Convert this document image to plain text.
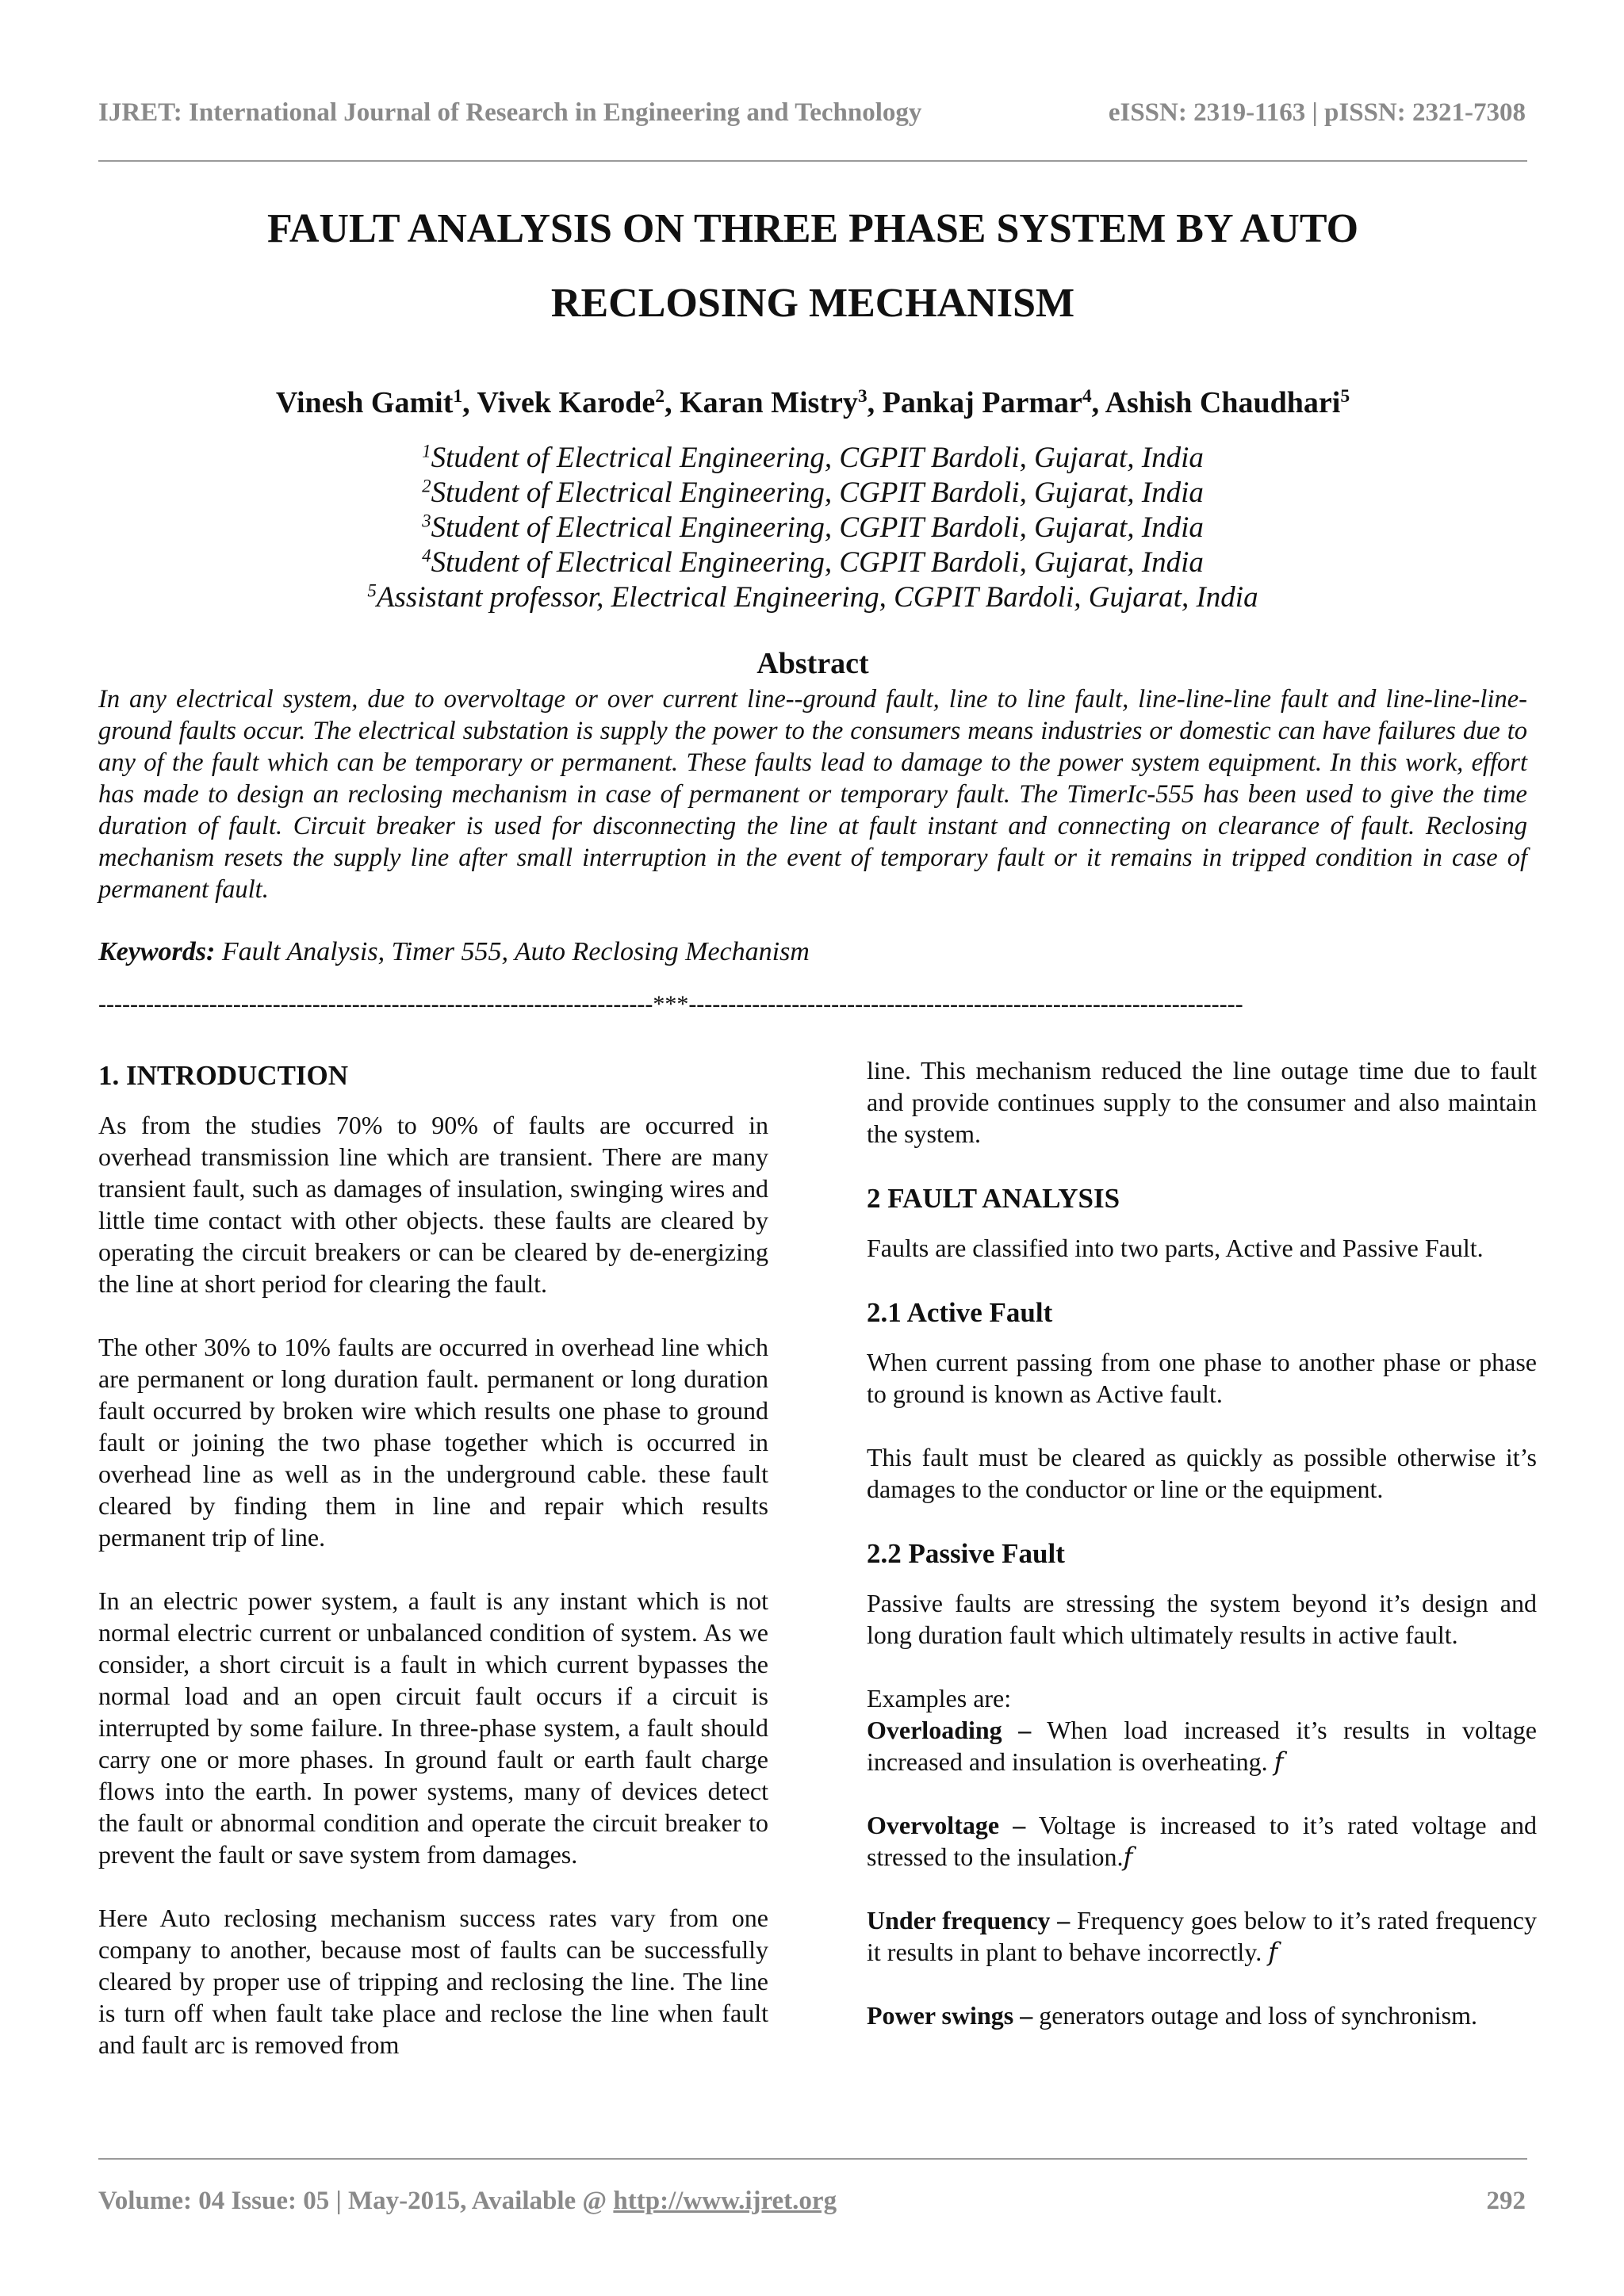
IJRET: International Journal of Research in Engineering and Technology	eISSN: 2319-1163 | pISSN: 2321-7308
FAULT ANALYSIS ON THREE PHASE SYSTEM BY AUTO
RECLOSING MECHANISM
Vinesh Gamit$^1$, Vivek Karode$^2$, Karan Mistry$^3$, Pankaj Parmar$^4$, Ashish Chaudhari$^5$
$^1$Student of Electrical Engineering, CGPIT Bardoli, Gujarat, India
$^2$Student of Electrical Engineering, CGPIT Bardoli, Gujarat, India
$^3$Student of Electrical Engineering, CGPIT Bardoli, Gujarat, India
$^4$Student of Electrical Engineering, CGPIT Bardoli, Gujarat, India
$^5$Assistant professor, Electrical Engineering, CGPIT Bardoli, Gujarat, India
Abstract
In any electrical system, due to overvoltage or over current line--ground fault, line to line fault, line-line-line fault and line-line-line-ground faults occur. The electrical substation is supply the power to the consumers means industries or domestic can have failures due to any of the fault which can be temporary or permanent. These faults lead to damage to the power system equipment. In this work, effort has made to design an reclosing mechanism in case of permanent or temporary fault. The TimerIc-555 has been used to give the time duration of fault. Circuit breaker is used for disconnecting the line at fault instant and connecting on clearance of fault. Reclosing mechanism resets the supply line after small interruption in the event of temporary fault or it remains in tripped condition in case of permanent fault.
Keywords: Fault Analysis, Timer 555, Auto Reclosing Mechanism
----------------------------------------------------------------------***----------------------------------------------------------------------
1. INTRODUCTION

As from the studies 70% to 90% of faults are occurred in overhead transmission line which are transient. There are many transient fault, such as damages of insulation, swinging wires and little time contact with other objects. these faults are cleared by operating the circuit breakers or can be cleared by de-energizing the line at short period for clearing the fault.

The other 30% to 10% faults are occurred in overhead line which are permanent or long duration fault. permanent or long duration fault occurred by broken wire which results one phase to ground fault or joining the two phase together which is occurred in overhead line as well as in the underground cable. these fault cleared by finding them in line and repair which results permanent trip of line.

In an electric power system, a fault is any instant which is not normal electric current or unbalanced condition of system. As we consider, a short circuit is a fault in which current bypasses the normal load and an open circuit fault occurs if a circuit is interrupted by some failure. In three-phase system, a fault should carry one or more phases. In ground fault or earth fault charge flows into the earth. In power systems, many of devices detect the fault or abnormal condition and operate the circuit breaker to prevent the fault or save system from damages.

Here Auto reclosing mechanism success rates vary from one company to another, because most of faults can be successfully cleared by proper use of tripping and reclosing the line. The line is turn off when fault take place and reclose the line when fault and fault arc is removed from

line. This mechanism reduced the line outage time due to fault and provide continues supply to the consumer and also maintain the system.

2 FAULT ANALYSIS

Faults are classified into two parts, Active and Passive Fault.

2.1 Active Fault

When current passing from one phase to another phase or phase to ground is known as Active fault.

This fault must be cleared as quickly as possible otherwise it’s damages to the conductor or line or the equipment.

2.2 Passive Fault

Passive faults are stressing the system beyond it’s design and long duration fault which ultimately results in active fault.

Examples are:

Overloading – When load increased it’s results in voltage increased and insulation is overheating. 𝑓

Overvoltage – Voltage is increased to it’s rated voltage and stressed to the insulation.𝑓

Under frequency – Frequency goes below to it’s rated frequency it results in plant to behave incorrectly. 𝑓

Power swings – generators outage and loss of synchronism.

Volume: 04 Issue: 05 | May-2015, Available @ http://www.ijret.org	292
